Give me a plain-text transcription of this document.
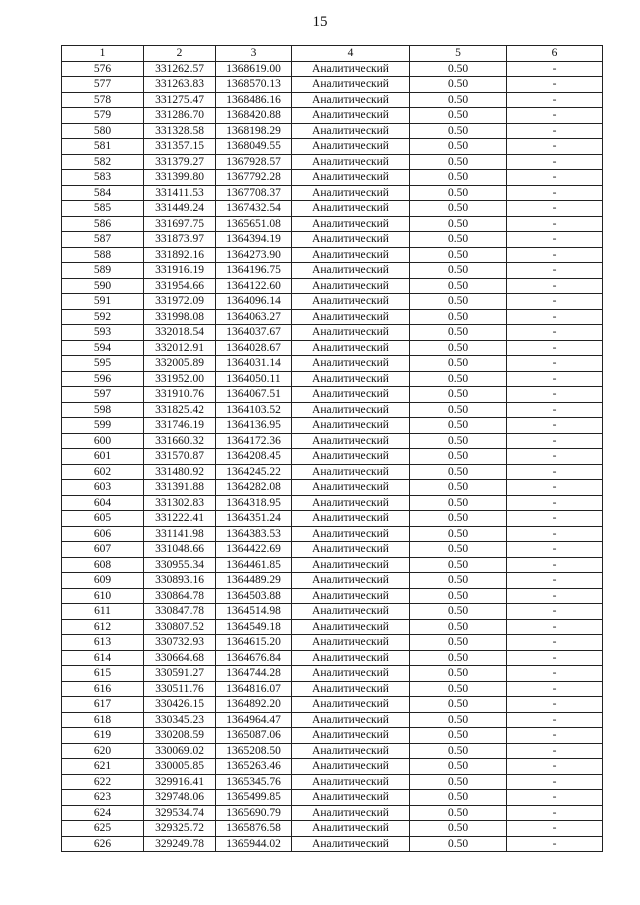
15
1	2	3	4	5	6
576	331262.57	1368619.00	Аналитический	0.50	-
577	331263.83	1368570.13	Аналитический	0.50	-
578	331275.47	1368486.16	Аналитический	0.50	-
579	331286.70	1368420.88	Аналитический	0.50	-
580	331328.58	1368198.29	Аналитический	0.50	-
581	331357.15	1368049.55	Аналитический	0.50	-
582	331379.27	1367928.57	Аналитический	0.50	-
583	331399.80	1367792.28	Аналитический	0.50	-
584	331411.53	1367708.37	Аналитический	0.50	-
585	331449.24	1367432.54	Аналитический	0.50	-
586	331697.75	1365651.08	Аналитический	0.50	-
587	331873.97	1364394.19	Аналитический	0.50	-
588	331892.16	1364273.90	Аналитический	0.50	-
589	331916.19	1364196.75	Аналитический	0.50	-
590	331954.66	1364122.60	Аналитический	0.50	-
591	331972.09	1364096.14	Аналитический	0.50	-
592	331998.08	1364063.27	Аналитический	0.50	-
593	332018.54	1364037.67	Аналитический	0.50	-
594	332012.91	1364028.67	Аналитический	0.50	-
595	332005.89	1364031.14	Аналитический	0.50	-
596	331952.00	1364050.11	Аналитический	0.50	-
597	331910.76	1364067.51	Аналитический	0.50	-
598	331825.42	1364103.52	Аналитический	0.50	-
599	331746.19	1364136.95	Аналитический	0.50	-
600	331660.32	1364172.36	Аналитический	0.50	-
601	331570.87	1364208.45	Аналитический	0.50	-
602	331480.92	1364245.22	Аналитический	0.50	-
603	331391.88	1364282.08	Аналитический	0.50	-
604	331302.83	1364318.95	Аналитический	0.50	-
605	331222.41	1364351.24	Аналитический	0.50	-
606	331141.98	1364383.53	Аналитический	0.50	-
607	331048.66	1364422.69	Аналитический	0.50	-
608	330955.34	1364461.85	Аналитический	0.50	-
609	330893.16	1364489.29	Аналитический	0.50	-
610	330864.78	1364503.88	Аналитический	0.50	-
611	330847.78	1364514.98	Аналитический	0.50	-
612	330807.52	1364549.18	Аналитический	0.50	-
613	330732.93	1364615.20	Аналитический	0.50	-
614	330664.68	1364676.84	Аналитический	0.50	-
615	330591.27	1364744.28	Аналитический	0.50	-
616	330511.76	1364816.07	Аналитический	0.50	-
617	330426.15	1364892.20	Аналитический	0.50	-
618	330345.23	1364964.47	Аналитический	0.50	-
619	330208.59	1365087.06	Аналитический	0.50	-
620	330069.02	1365208.50	Аналитический	0.50	-
621	330005.85	1365263.46	Аналитический	0.50	-
622	329916.41	1365345.76	Аналитический	0.50	-
623	329748.06	1365499.85	Аналитический	0.50	-
624	329534.74	1365690.79	Аналитический	0.50	-
625	329325.72	1365876.58	Аналитический	0.50	-
626	329249.78	1365944.02	Аналитический	0.50	-
